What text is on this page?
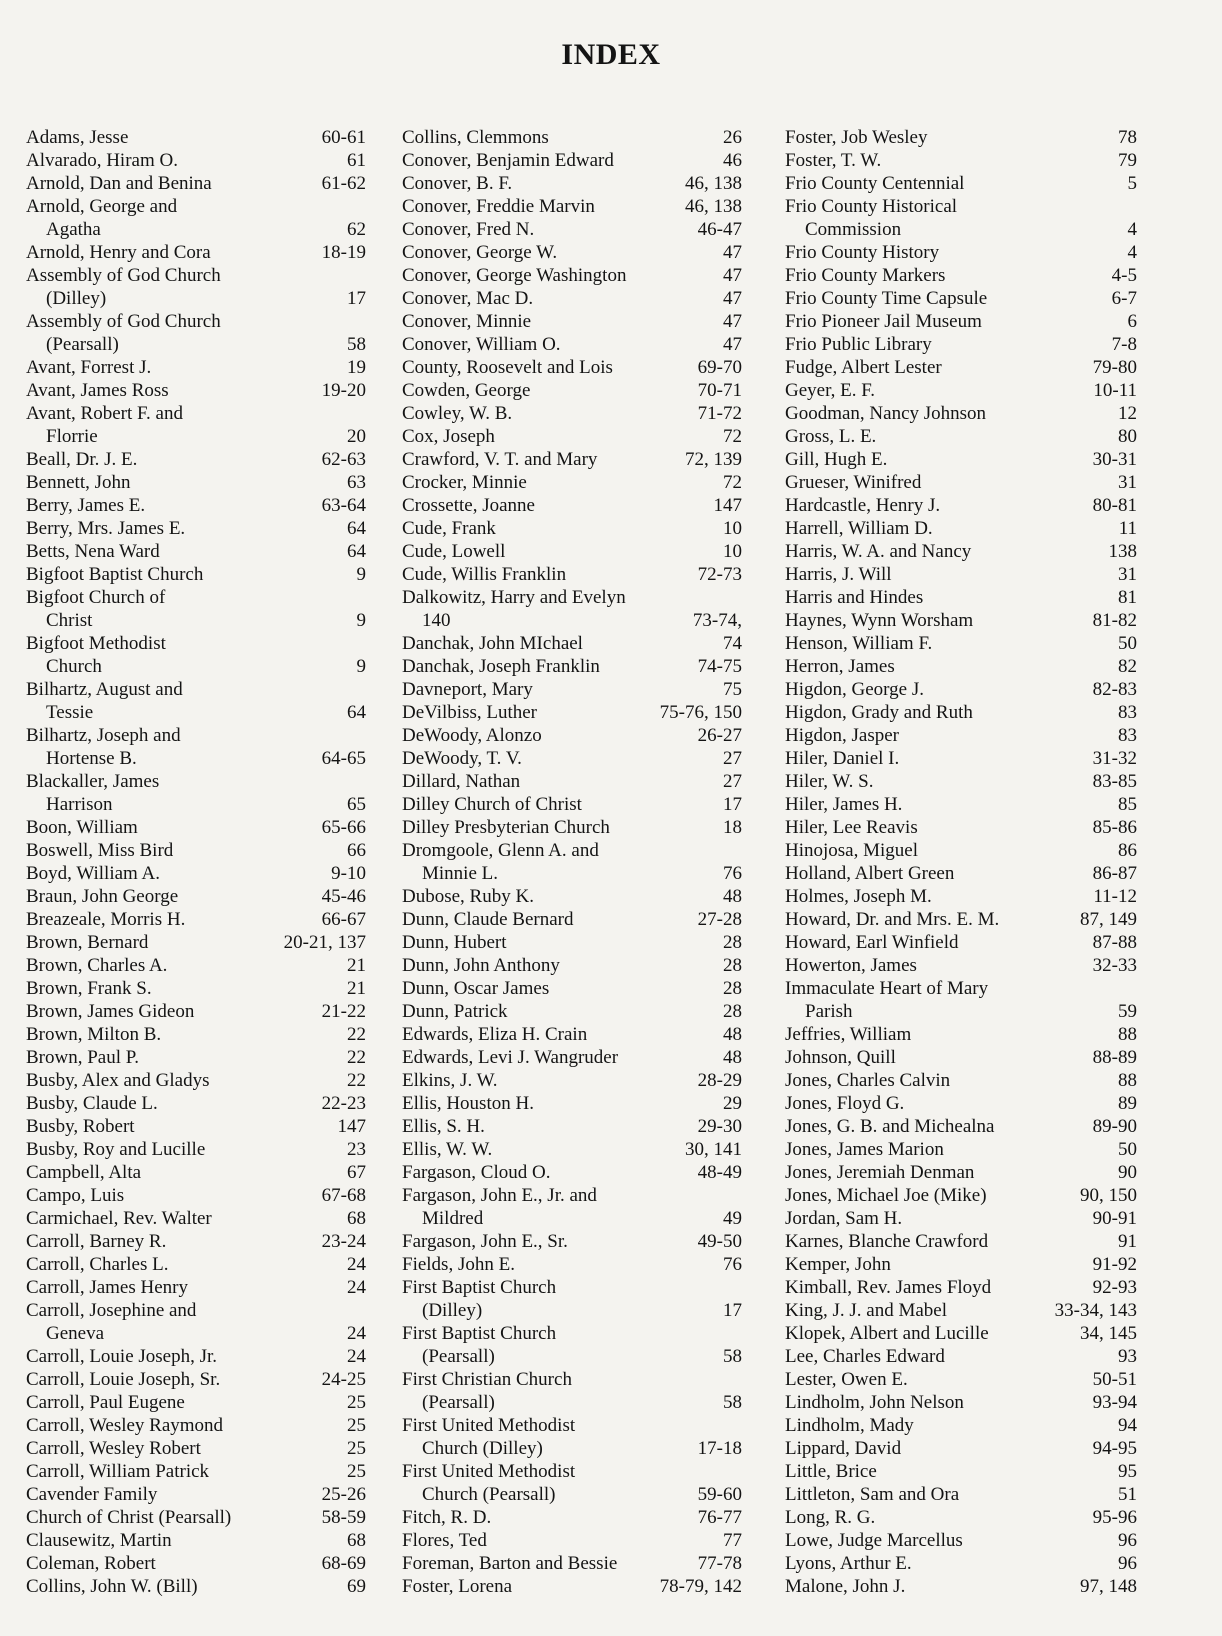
INDEX
Adams, Jesse	60-61
Alvarado, Hiram O.	61
Arnold, Dan and Benina	61-62
Arnold, George and
Agatha	62
Arnold, Henry and Cora	18-19
Assembly of God Church
(Dilley)	17
Assembly of God Church
(Pearsall)	58
Avant, Forrest J.	19
Avant, James Ross	19-20
Avant, Robert F. and
Florrie	20
Beall, Dr. J. E.	62-63
Bennett, John	63
Berry, James E.	63-64
Berry, Mrs. James E.	64
Betts, Nena Ward	64
Bigfoot Baptist Church	9
Bigfoot Church of
Christ	9
Bigfoot Methodist
Church	9
Bilhartz, August and
Tessie	64
Bilhartz, Joseph and
Hortense B.	64-65
Blackaller, James
Harrison	65
Boon, William	65-66
Boswell, Miss Bird	66
Boyd, William A.	9-10
Braun, John George	45-46
Breazeale, Morris H.	66-67
Brown, Bernard	20-21, 137
Brown, Charles A.	21
Brown, Frank S.	21
Brown, James Gideon	21-22
Brown, Milton B.	22
Brown, Paul P.	22
Busby, Alex and Gladys	22
Busby, Claude L.	22-23
Busby, Robert	147
Busby, Roy and Lucille	23
Campbell, Alta	67
Campo, Luis	67-68
Carmichael, Rev. Walter	68
Carroll, Barney R.	23-24
Carroll, Charles L.	24
Carroll, James Henry	24
Carroll, Josephine and
Geneva	24
Carroll, Louie Joseph, Jr.	24
Carroll, Louie Joseph, Sr.	24-25
Carroll, Paul Eugene	25
Carroll, Wesley Raymond	25
Carroll, Wesley Robert	25
Carroll, William Patrick	25
Cavender Family	25-26
Church of Christ (Pearsall)	58-59
Clausewitz, Martin	68
Coleman, Robert	68-69
Collins, John W. (Bill)	69
Collins, Clemmons	26
Conover, Benjamin Edward	46
Conover, B. F.	46, 138
Conover, Freddie Marvin	46, 138
Conover, Fred N.	46-47
Conover, George W.	47
Conover, George Washington	47
Conover, Mac D.	47
Conover, Minnie	47
Conover, William O.	47
County, Roosevelt and Lois	69-70
Cowden, George	70-71
Cowley, W. B.	71-72
Cox, Joseph	72
Crawford, V. T. and Mary	72, 139
Crocker, Minnie	72
Crossette, Joanne	147
Cude, Frank	10
Cude, Lowell	10
Cude, Willis Franklin	72-73
Dalkowitz, Harry and Evelyn
140	73-74,
Danchak, John MIchael	74
Danchak, Joseph Franklin	74-75
Davneport, Mary	75
DeVilbiss, Luther	75-76, 150
DeWoody, Alonzo	26-27
DeWoody, T. V.	27
Dillard, Nathan	27
Dilley Church of Christ	17
Dilley Presbyterian Church	18
Dromgoole, Glenn A. and
Minnie L.	76
Dubose, Ruby K.	48
Dunn, Claude Bernard	27-28
Dunn, Hubert	28
Dunn, John Anthony	28
Dunn, Oscar James	28
Dunn, Patrick	28
Edwards, Eliza H. Crain	48
Edwards, Levi J. Wangruder	48
Elkins, J. W.	28-29
Ellis, Houston H.	29
Ellis, S. H.	29-30
Ellis, W. W.	30, 141
Fargason, Cloud O.	48-49
Fargason, John E., Jr. and
Mildred	49
Fargason, John E., Sr.	49-50
Fields, John E.	76
First Baptist Church
(Dilley)	17
First Baptist Church
(Pearsall)	58
First Christian Church
(Pearsall)	58
First United Methodist
Church (Dilley)	17-18
First United Methodist
Church (Pearsall)	59-60
Fitch, R. D.	76-77
Flores, Ted	77
Foreman, Barton and Bessie	77-78
Foster, Lorena	78-79, 142
Foster, Job Wesley	78
Foster, T. W.	79
Frio County Centennial	5
Frio County Historical
Commission	4
Frio County History	4
Frio County Markers	4-5
Frio County Time Capsule	6-7
Frio Pioneer Jail Museum	6
Frio Public Library	7-8
Fudge, Albert Lester	79-80
Geyer, E. F.	10-11
Goodman, Nancy Johnson	12
Gross, L. E.	80
Gill, Hugh E.	30-31
Grueser, Winifred	31
Hardcastle, Henry J.	80-81
Harrell, William D.	11
Harris, W. A. and Nancy	138
Harris, J. Will	31
Harris and Hindes	81
Haynes, Wynn Worsham	81-82
Henson, William F.	50
Herron, James	82
Higdon, George J.	82-83
Higdon, Grady and Ruth	83
Higdon, Jasper	83
Hiler, Daniel I.	31-32
Hiler, W. S.	83-85
Hiler, James H.	85
Hiler, Lee Reavis	85-86
Hinojosa, Miguel	86
Holland, Albert Green	86-87
Holmes, Joseph M.	11-12
Howard, Dr. and Mrs. E. M.	87, 149
Howard, Earl Winfield	87-88
Howerton, James	32-33
Immaculate Heart of Mary
Parish	59
Jeffries, William	88
Johnson, Quill	88-89
Jones, Charles Calvin	88
Jones, Floyd G.	89
Jones, G. B. and Michealna	89-90
Jones, James Marion	50
Jones, Jeremiah Denman	90
Jones, Michael Joe (Mike)	90, 150
Jordan, Sam H.	90-91
Karnes, Blanche Crawford	91
Kemper, John	91-92
Kimball, Rev. James Floyd	92-93
King, J. J. and Mabel	33-34, 143
Klopek, Albert and Lucille	34, 145
Lee, Charles Edward	93
Lester, Owen E.	50-51
Lindholm, John Nelson	93-94
Lindholm, Mady	94
Lippard, David	94-95
Little, Brice	95
Littleton, Sam and Ora	51
Long, R. G.	95-96
Lowe, Judge Marcellus	96
Lyons, Arthur E.	96
Malone, John J.	97, 148
